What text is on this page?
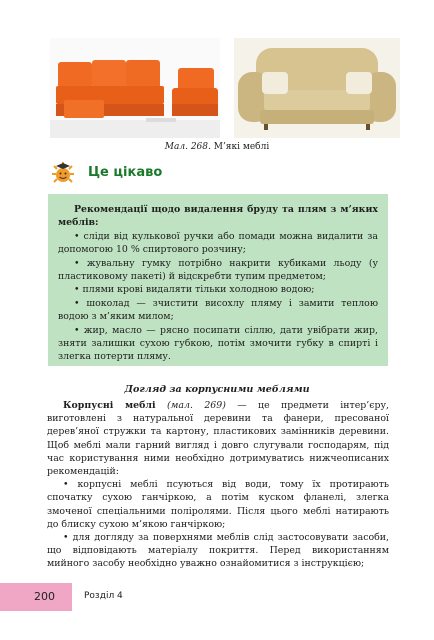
Мал. 268. М’які меблі
Це цікаво

Рекомендації щодо видалення бруду та плям з м’яких меблів:

• сліди від кулькової ручки або помади можна видалити за допомогою 10 % спиртового розчину;

• жувальну гумку потрібно накрити кубиками льоду (у пластиковому пакеті) й відскребти тупим предметом;

• плями крові видаляти тільки холодною водою;

• шоколад — зчистити висохлу пляму і замити теплою водою з м’яким милом;

• жир, масло — рясно посипати сіллю, дати увібрати жир, зняти залишки сухою губкою, потім змочити губку в спирті і злегка потерти пляму.

Догляд за корпусними меблями

Корпусні меблі (мал. 269) — це предмети інтер’єру, виготовлені з натуральної деревини та фанери, пресованої дерев’яної стружки та картону, пластикових замінників деревини. Щоб меблі мали гарний вигляд і довго слугували господарям, під час користування ними необхідно дотримуватись нижчеописаних рекомендацій:

• корпусні меблі псуються від води, тому їх протирають спочатку сухою ганчіркою, а потім куском фланелі, злегка змоченої спеціальними поліролями. Після цього меблі натирають до блиску сухою м’якою ганчіркою;

• для догляду за поверхнями меблів слід застосовувати засоби, що відповідають матеріалу покриття. Перед використанням мийного засобу необхідно уважно ознайомитися з інструкцією;

200	Розділ 4
